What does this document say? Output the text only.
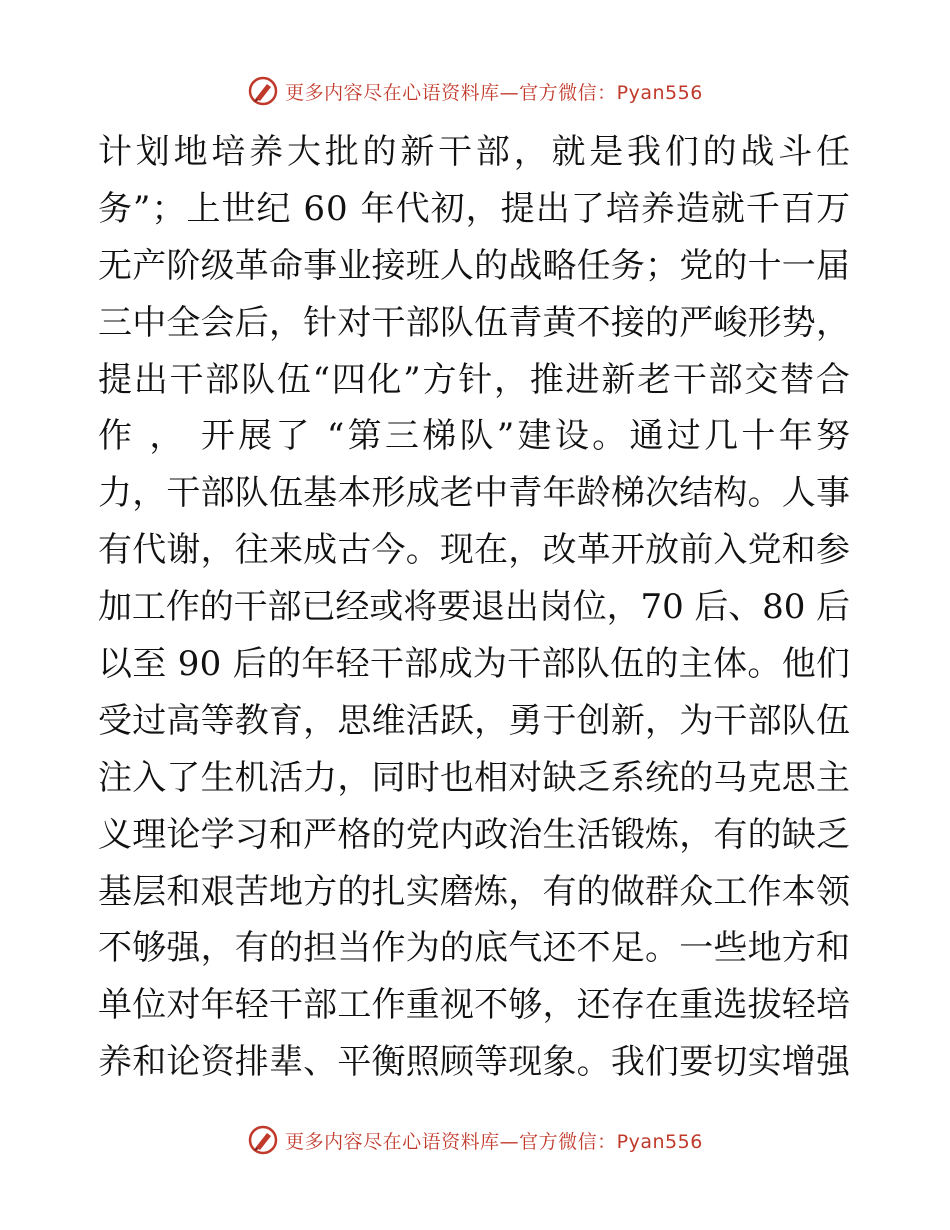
更多内容尽在心语资料库—官方微信：Pyan556
计划地培养大批的新干部，就是我们的战斗任
务”；上世纪 60 年代初，提出了培养造就千百万
无产阶级革命事业接班人的战略任务；党的十一届
三中全会后，针对干部队伍青黄不接的严峻形势，
提出干部队伍“四化”方针，推进新老干部交替合
作 ， 开展了 “第三梯队”建设。通过几十年努
力，干部队伍基本形成老中青年龄梯次结构。人事
有代谢，往来成古今。现在，改革开放前入党和参
加工作的干部已经或将要退出岗位，70 后、80 后
以至 90 后的年轻干部成为干部队伍的主体。他们
受过高等教育，思维活跃，勇于创新，为干部队伍
注入了生机活力，同时也相对缺乏系统的马克思主
义理论学习和严格的党内政治生活锻炼，有的缺乏
基层和艰苦地方的扎实磨炼，有的做群众工作本领
不够强，有的担当作为的底气还不足。一些地方和
单位对年轻干部工作重视不够，还存在重选拔轻培
养和论资排辈、平衡照顾等现象。我们要切实增强
更多内容尽在心语资料库—官方微信：Pyan556
